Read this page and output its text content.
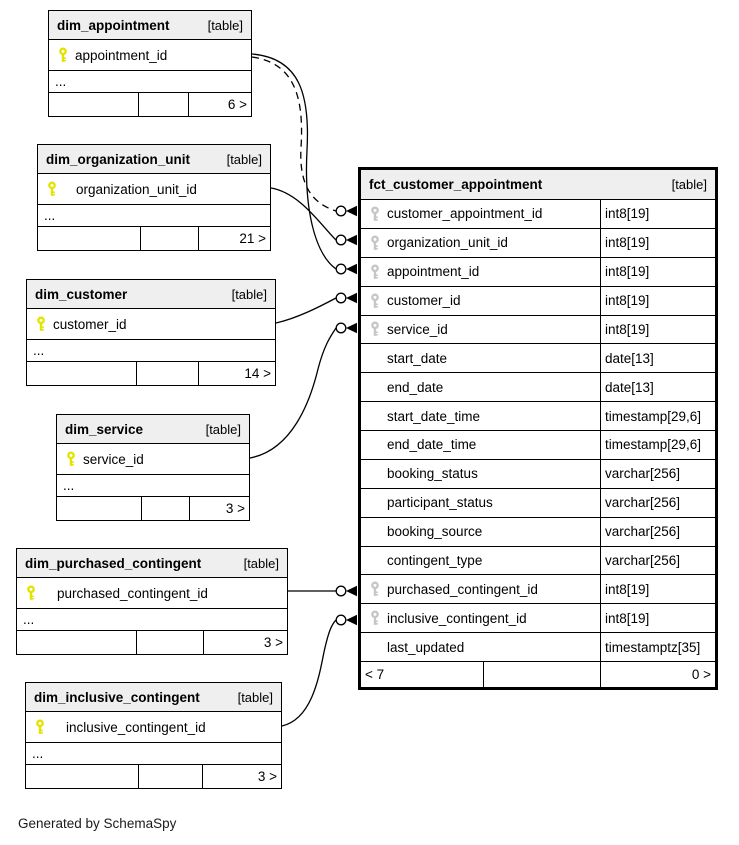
dim_appointment	[table]
appointment_id
...
6 >
dim_organization_unit	[table]
organization_unit_id
...
21 >
dim_customer	[table]
customer_id
...
14 >
dim_service	[table]
service_id
...
3 >
dim_purchased_contingent	[table]
purchased_contingent_id
...
3 >
dim_inclusive_contingent	[table]
inclusive_contingent_id
...
3 >
fct_customer_appointment	[table]
customer_appointment_id	int8[19]
organization_unit_id	int8[19]
appointment_id	int8[19]
customer_id	int8[19]
service_id	int8[19]
start_date	date[13]
end_date	date[13]
start_date_time	timestamp[29,6]
end_date_time	timestamp[29,6]
booking_status	varchar[256]
participant_status	varchar[256]
booking_source	varchar[256]
contingent_type	varchar[256]
purchased_contingent_id	int8[19]
inclusive_contingent_id	int8[19]
last_updated	timestamptz[35]
< 7	0 >
Generated by SchemaSpy
